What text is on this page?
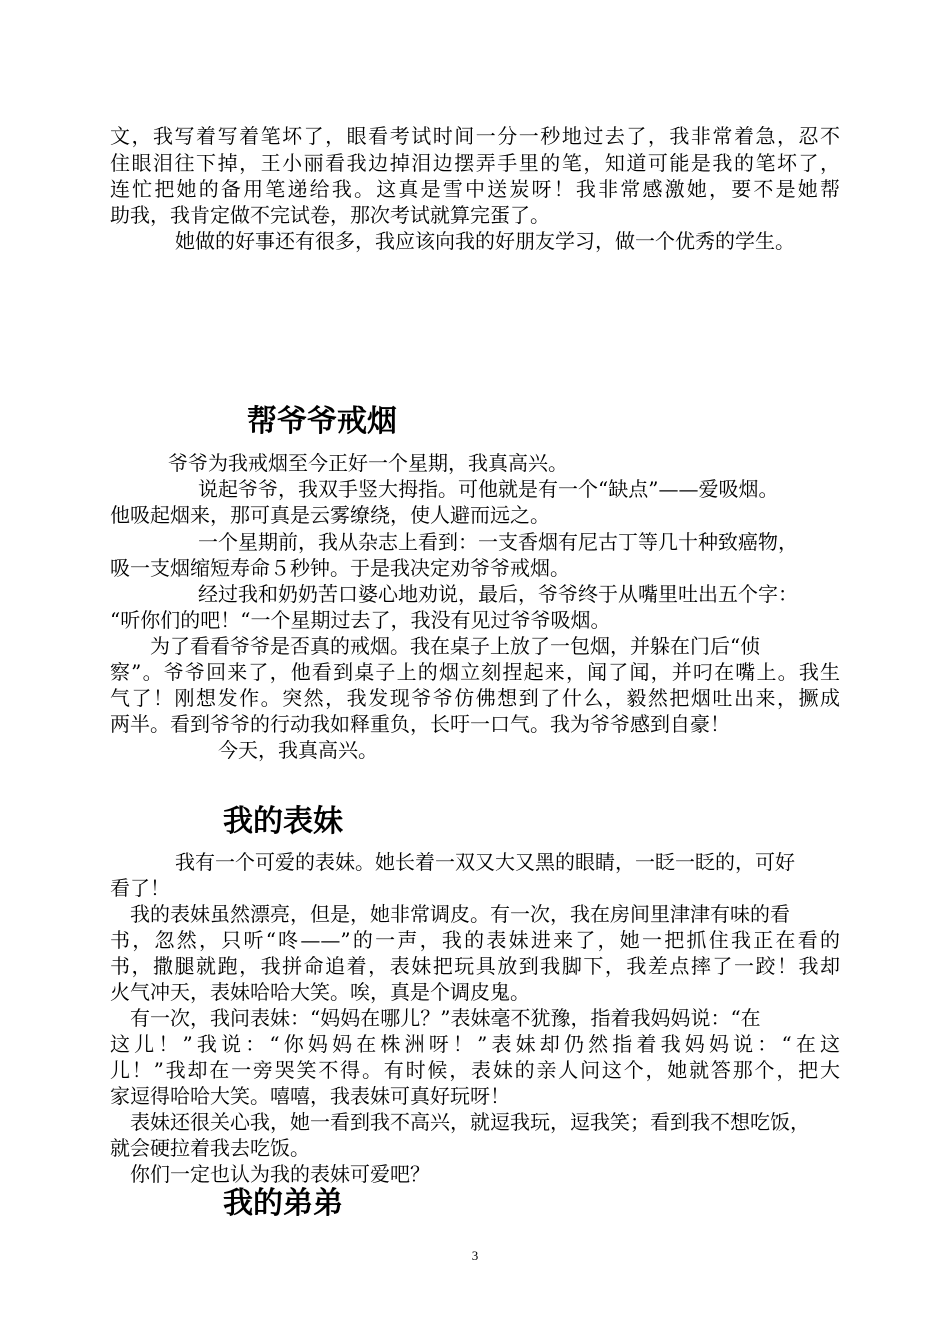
文，我写着写着笔坏了，眼看考试时间一分一秒地过去了，我非常着急，忍不
住眼泪往下掉，王小丽看我边掉泪边摆弄手里的笔，知道可能是我的笔坏了，
连忙把她的备用笔递给我。这真是雪中送炭呀！我非常感激她，要不是她帮
助我，我肯定做不完试卷，那次考试就算完蛋了。
她做的好事还有很多，我应该向我的好朋友学习，做一个优秀的学生。
帮爷爷戒烟
爷爷为我戒烟至今正好一个星期，我真高兴。
说起爷爷，我双手竖大拇指。可他就是有一个“缺点”——爱吸烟。
他吸起烟来，那可真是云雾缭绕，使人避而远之。
一个星期前，我从杂志上看到：一支香烟有尼古丁等几十种致癌物，
吸一支烟缩短寿命５秒钟。于是我决定劝爷爷戒烟。
经过我和奶奶苦口婆心地劝说，最后，爷爷终于从嘴里吐出五个字：
“听你们的吧！“一个星期过去了，我没有见过爷爷吸烟。
为了看看爷爷是否真的戒烟。我在桌子上放了一包烟，并躲在门后“侦
察”。爷爷回来了，他看到桌子上的烟立刻捏起来，闻了闻，并叼在嘴上。我生
气了！刚想发作。突然，我发现爷爷仿佛想到了什么，毅然把烟吐出来，撅成
两半。看到爷爷的行动我如释重负，长吁一口气。我为爷爷感到自豪！
今天，我真高兴。
我的表妹
我有一个可爱的表妹。她长着一双又大又黑的眼睛，一眨一眨的，可好
看了！
我的表妹虽然漂亮，但是，她非常调皮。有一次，我在房间里津津有味的看
书，忽然，只听“咚——”的一声，我的表妹进来了，她一把抓住我正在看的
书，撒腿就跑，我拼命追着，表妹把玩具放到我脚下，我差点摔了一跤！我却
火气冲天，表妹哈哈大笑。唉，真是个调皮鬼。
有一次，我问表妹：“妈妈在哪儿？”表妹毫不犹豫，指着我妈妈说：“在
这儿！”我说：“你妈妈在株洲呀！”表妹却仍然指着我妈妈说：“在这
儿！”我却在一旁哭笑不得。有时候，表妹的亲人问这个，她就答那个，把大
家逗得哈哈大笑。嘻嘻，我表妹可真好玩呀！
表妹还很关心我，她一看到我不高兴，就逗我玩，逗我笑；看到我不想吃饭，
就会硬拉着我去吃饭。
你们一定也认为我的表妹可爱吧？
我的弟弟
3
